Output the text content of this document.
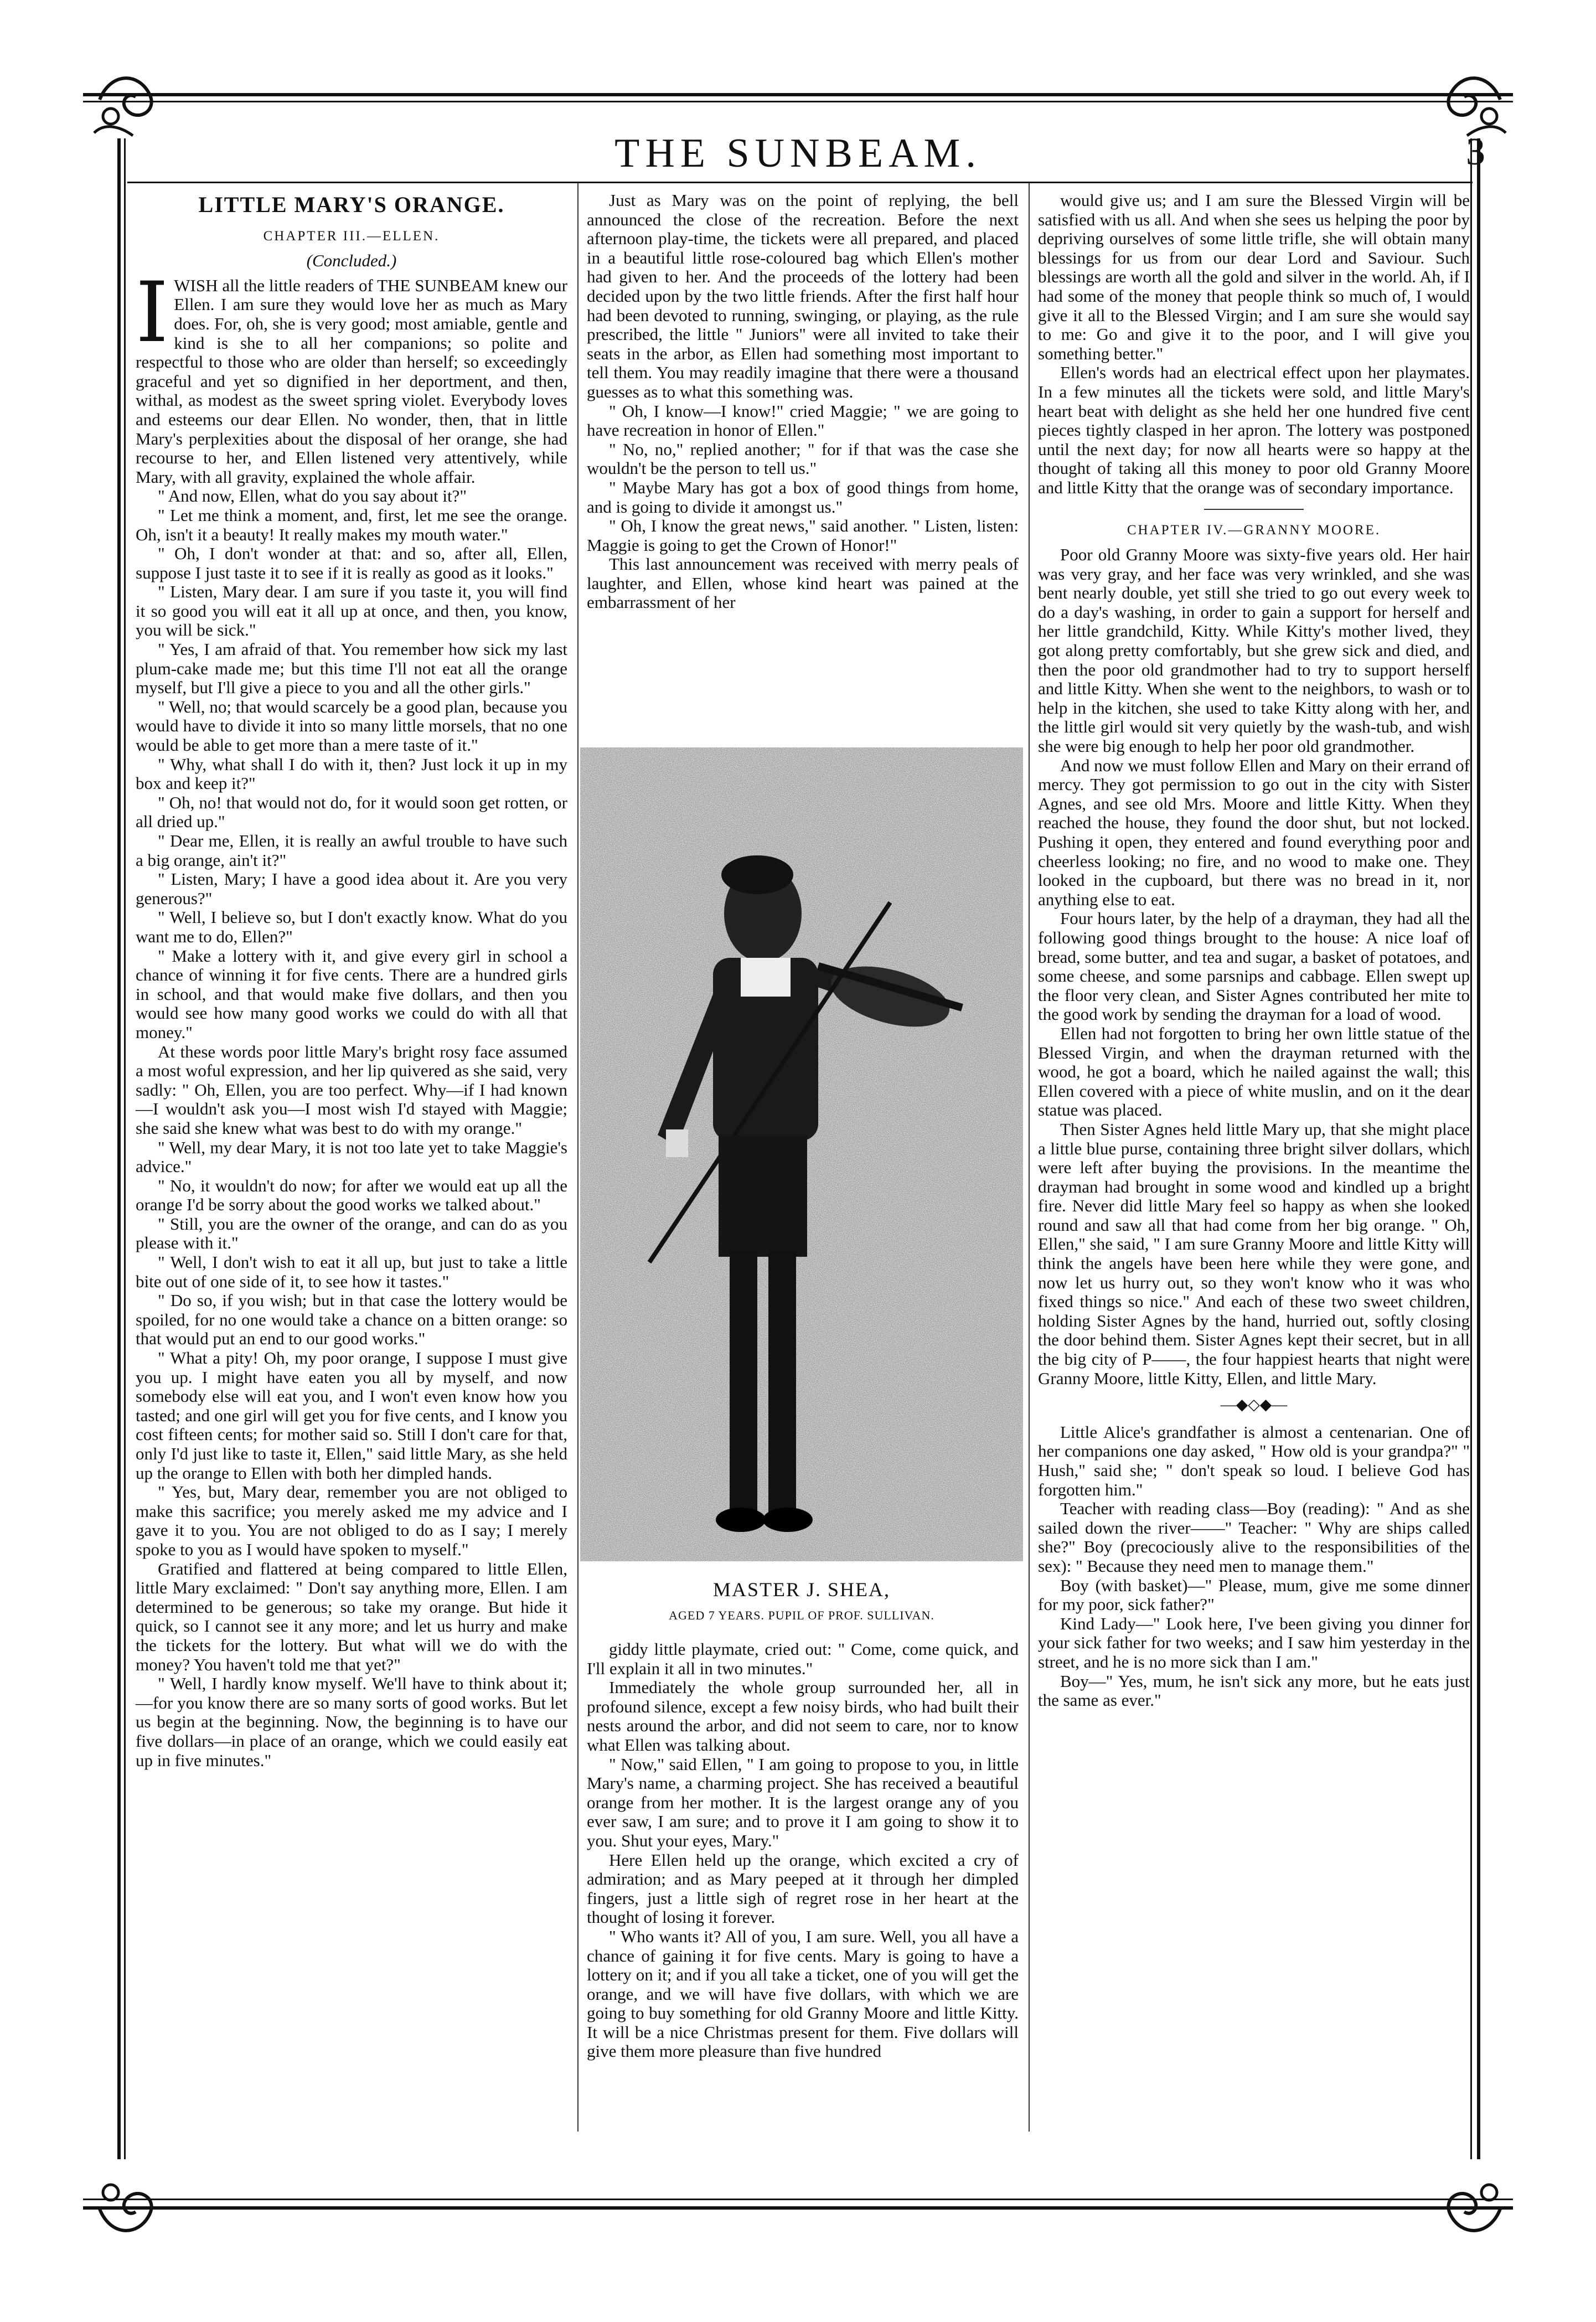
THE SUNBEAM.	3
LITTLE MARY'S ORANGE.
CHAPTER III.—ELLEN.
(Concluded.)

IWISH all the little readers of THE SUNBEAM knew our Ellen. I am sure they would love her as much as Mary does. For, oh, she is very good; most amiable, gentle and kind is she to all her companions; so polite and respectful to those who are older than herself; so exceedingly graceful and yet so dignified in her deportment, and then, withal, as modest as the sweet spring violet. Everybody loves and esteems our dear Ellen. No wonder, then, that in little Mary's perplexities about the disposal of her orange, she had recourse to her, and Ellen listened very attentively, while Mary, with all gravity, explained the whole affair.

" And now, Ellen, what do you say about it?"

" Let me think a moment, and, first, let me see the orange. Oh, isn't it a beauty! It really makes my mouth water."

" Oh, I don't wonder at that: and so, after all, Ellen, suppose I just taste it to see if it is really as good as it looks."

" Listen, Mary dear. I am sure if you taste it, you will find it so good you will eat it all up at once, and then, you know, you will be sick."

" Yes, I am afraid of that. You remember how sick my last plum-cake made me; but this time I'll not eat all the orange myself, but I'll give a piece to you and all the other girls."

" Well, no; that would scarcely be a good plan, because you would have to divide it into so many little morsels, that no one would be able to get more than a mere taste of it."

" Why, what shall I do with it, then? Just lock it up in my box and keep it?"

" Oh, no! that would not do, for it would soon get rotten, or all dried up."

" Dear me, Ellen, it is really an awful trouble to have such a big orange, ain't it?"

" Listen, Mary; I have a good idea about it. Are you very generous?"

" Well, I believe so, but I don't exactly know. What do you want me to do, Ellen?"

" Make a lottery with it, and give every girl in school a chance of winning it for five cents. There are a hundred girls in school, and that would make five dollars, and then you would see how many good works we could do with all that money."

At these words poor little Mary's bright rosy face assumed a most woful expression, and her lip quivered as she said, very sadly: " Oh, Ellen, you are too perfect. Why—if I had known—I wouldn't ask you—I most wish I'd stayed with Maggie; she said she knew what was best to do with my orange."

" Well, my dear Mary, it is not too late yet to take Maggie's advice."

" No, it wouldn't do now; for after we would eat up all the orange I'd be sorry about the good works we talked about."

" Still, you are the owner of the orange, and can do as you please with it."

" Well, I don't wish to eat it all up, but just to take a little bite out of one side of it, to see how it tastes."

" Do so, if you wish; but in that case the lottery would be spoiled, for no one would take a chance on a bitten orange: so that would put an end to our good works."

" What a pity! Oh, my poor orange, I suppose I must give you up. I might have eaten you all by myself, and now somebody else will eat you, and I won't even know how you tasted; and one girl will get you for five cents, and I know you cost fifteen cents; for mother said so. Still I don't care for that, only I'd just like to taste it, Ellen," said little Mary, as she held up the orange to Ellen with both her dimpled hands.

" Yes, but, Mary dear, remember you are not obliged to make this sacrifice; you merely asked me my advice and I gave it to you. You are not obliged to do as I say; I merely spoke to you as I would have spoken to myself."

Gratified and flattered at being compared to little Ellen, little Mary exclaimed: " Don't say anything more, Ellen. I am determined to be generous; so take my orange. But hide it quick, so I cannot see it any more; and let us hurry and make the tickets for the lottery. But what will we do with the money? You haven't told me that yet?"

" Well, I hardly know myself. We'll have to think about it;—for you know there are so many sorts of good works. But let us begin at the beginning. Now, the beginning is to have our five dollars—in place of an orange, which we could easily eat up in five minutes."

Just as Mary was on the point of replying, the bell announced the close of the recreation. Before the next afternoon play-time, the tickets were all prepared, and placed in a beautiful little rose-coloured bag which Ellen's mother had given to her. And the proceeds of the lottery had been decided upon by the two little friends. After the first half hour had been devoted to running, swinging, or playing, as the rule prescribed, the little " Juniors" were all invited to take their seats in the arbor, as Ellen had something most important to tell them. You may readily imagine that there were a thousand guesses as to what this something was.

" Oh, I know—I know!" cried Maggie; " we are going to have recreation in honor of Ellen."

" No, no," replied another; " for if that was the case she wouldn't be the person to tell us."

" Maybe Mary has got a box of good things from home, and is going to divide it amongst us."

" Oh, I know the great news," said another. " Listen, listen: Maggie is going to get the Crown of Honor!"

This last announcement was received with merry peals of laughter, and Ellen, whose kind heart was pained at the embarrassment of her

MASTER J. SHEA,
AGED 7 YEARS. PUPIL OF PROF. SULLIVAN.

giddy little playmate, cried out: " Come, come quick, and I'll explain it all in two minutes."

Immediately the whole group surrounded her, all in profound silence, except a few noisy birds, who had built their nests around the arbor, and did not seem to care, nor to know what Ellen was talking about.

" Now," said Ellen, " I am going to propose to you, in little Mary's name, a charming project. She has received a beautiful orange from her mother. It is the largest orange any of you ever saw, I am sure; and to prove it I am going to show it to you. Shut your eyes, Mary."

Here Ellen held up the orange, which excited a cry of admiration; and as Mary peeped at it through her dimpled fingers, just a little sigh of regret rose in her heart at the thought of losing it forever.

" Who wants it? All of you, I am sure. Well, you all have a chance of gaining it for five cents. Mary is going to have a lottery on it; and if you all take a ticket, one of you will get the orange, and we will have five dollars, with which we are going to buy something for old Granny Moore and little Kitty. It will be a nice Christmas present for them. Five dollars will give them more pleasure than five hundred

would give us; and I am sure the Blessed Virgin will be satisfied with us all. And when she sees us helping the poor by depriving ourselves of some little trifle, she will obtain many blessings for us from our dear Lord and Saviour. Such blessings are worth all the gold and silver in the world. Ah, if I had some of the money that people think so much of, I would give it all to the Blessed Virgin; and I am sure she would say to me: Go and give it to the poor, and I will give you something better."

Ellen's words had an electrical effect upon her playmates. In a few minutes all the tickets were sold, and little Mary's heart beat with delight as she held her one hundred five cent pieces tightly clasped in her apron. The lottery was postponed until the next day; for now all hearts were so happy at the thought of taking all this money to poor old Granny Moore and little Kitty that the orange was of secondary importance.

CHAPTER IV.—GRANNY MOORE.

Poor old Granny Moore was sixty-five years old. Her hair was very gray, and her face was very wrinkled, and she was bent nearly double, yet still she tried to go out every week to do a day's washing, in order to gain a support for herself and her little grandchild, Kitty. While Kitty's mother lived, they got along pretty comfortably, but she grew sick and died, and then the poor old grandmother had to try to support herself and little Kitty. When she went to the neighbors, to wash or to help in the kitchen, she used to take Kitty along with her, and the little girl would sit very quietly by the wash-tub, and wish she were big enough to help her poor old grandmother.

And now we must follow Ellen and Mary on their errand of mercy. They got permission to go out in the city with Sister Agnes, and see old Mrs. Moore and little Kitty. When they reached the house, they found the door shut, but not locked. Pushing it open, they entered and found everything poor and cheerless looking; no fire, and no wood to make one. They looked in the cupboard, but there was no bread in it, nor anything else to eat.

Four hours later, by the help of a drayman, they had all the following good things brought to the house: A nice loaf of bread, some butter, and tea and sugar, a basket of potatoes, and some cheese, and some parsnips and cabbage. Ellen swept up the floor very clean, and Sister Agnes contributed her mite to the good work by sending the drayman for a load of wood.

Ellen had not forgotten to bring her own little statue of the Blessed Virgin, and when the drayman returned with the wood, he got a board, which he nailed against the wall; this Ellen covered with a piece of white muslin, and on it the dear statue was placed.

Then Sister Agnes held little Mary up, that she might place a little blue purse, containing three bright silver dollars, which were left after buying the provisions. In the meantime the drayman had brought in some wood and kindled up a bright fire. Never did little Mary feel so happy as when she looked round and saw all that had come from her big orange. " Oh, Ellen," she said, " I am sure Granny Moore and little Kitty will think the angels have been here while they were gone, and now let us hurry out, so they won't know who it was who fixed things so nice." And each of these two sweet children, holding Sister Agnes by the hand, hurried out, softly closing the door behind them. Sister Agnes kept their secret, but in all the big city of P——, the four happiest hearts that night were Granny Moore, little Kitty, Ellen, and little Mary.

—◆◇◆—

Little Alice's grandfather is almost a centenarian. One of her companions one day asked, " How old is your grandpa?" " Hush," said she; " don't speak so loud. I believe God has forgotten him."

Teacher with reading class—Boy (reading): " And as she sailed down the river——" Teacher: " Why are ships called she?" Boy (precociously alive to the responsibilities of the sex): " Because they need men to manage them."

Boy (with basket)—" Please, mum, give me some dinner for my poor, sick father?"

Kind Lady—" Look here, I've been giving you dinner for your sick father for two weeks; and I saw him yesterday in the street, and he is no more sick than I am."

Boy—" Yes, mum, he isn't sick any more, but he eats just the same as ever."
